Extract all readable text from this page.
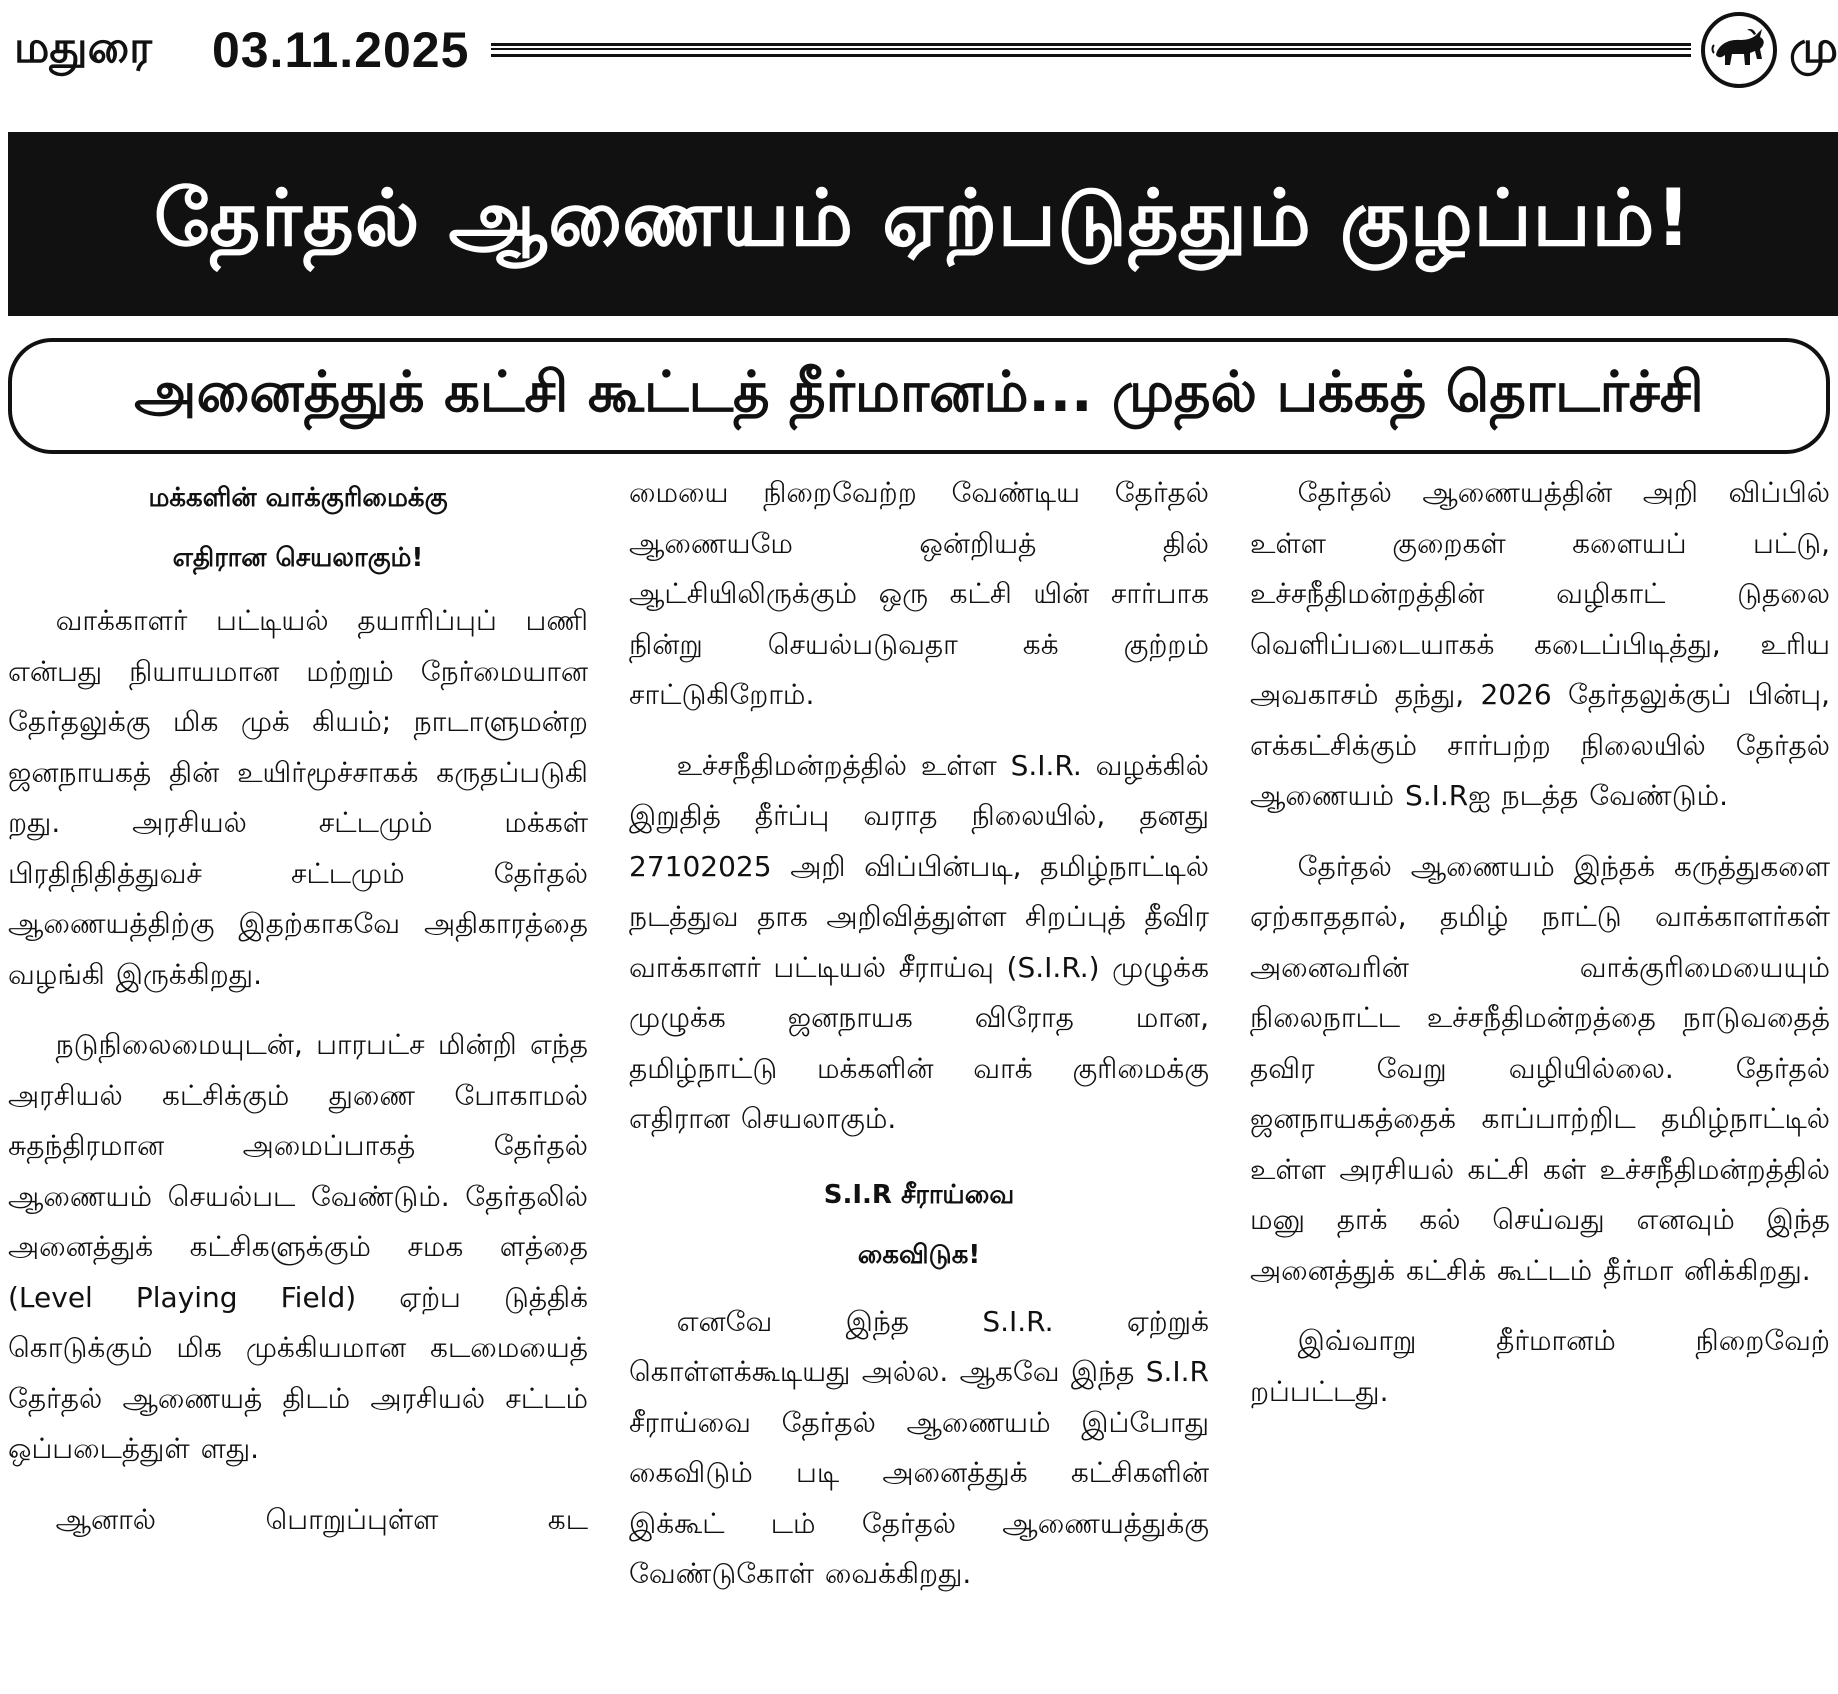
மதுரை 03.11.2025	மு
தேர்தல் ஆணையம் ஏற்படுத்தும் குழப்பம்!
அனைத்துக் கட்சி கூட்டத் தீர்மானம்... முதல் பக்கத் தொடர்ச்சி
மக்களின் வாக்குரிமைக்கு
எதிரான செயலாகும்!

வாக்காளர் பட்டியல் தயாரிப்புப் பணி என்பது நியாயமான மற்றும் நேர்மையான தேர்தலுக்கு மிக முக் கியம்; நாடாளுமன்ற ஜனநாயகத் தின் உயிர்மூச்சாகக் கருதப்படுகி றது. அரசியல் சட்டமும் மக்கள் பிரதிநிதித்துவச் சட்டமும் தேர்தல் ஆணையத்திற்கு இதற்காகவே அதிகாரத்தை வழங்கி இருக்கிறது.

நடுநிலைமையுடன், பாரபட்ச மின்றி எந்த அரசியல் கட்சிக்கும் துணை போகாமல் சுதந்திரமான அமைப்பாகத் தேர்தல் ஆணையம் செயல்பட வேண்டும். தேர்தலில் அனைத்துக் கட்சிகளுக்கும் சமக ளத்தை (Level Playing Field) ஏற்ப டுத்திக் கொடுக்கும் மிக முக்கியமான கடமையைத் தேர்தல் ஆணையத் திடம் அரசியல் சட்டம் ஒப்படைத்துள் ளது.

ஆனால் பொறுப்புள்ள கட

மையை நிறைவேற்ற வேண்டிய தேர்தல் ஆணையமே ஒன்றியத் தில் ஆட்சியிலிருக்கும் ஒரு கட்சி யின் சார்பாக நின்று செயல்படுவதா கக் குற்றம் சாட்டுகிறோம்.

உச்சநீதிமன்றத்தில் உள்ள S.I.R. வழக்கில் இறுதித் தீர்ப்பு வராத நிலையில், தனது 27102025 அறி விப்பின்படி, தமிழ்நாட்டில் நடத்துவ தாக அறிவித்துள்ள சிறப்புத் தீவிர வாக்காளர் பட்டியல் சீராய்வு (S.I.R.) முழுக்க முழுக்க ஜனநாயக விரோத மான, தமிழ்நாட்டு மக்களின் வாக் குரிமைக்கு எதிரான செயலாகும்.

S.I.R சீராய்வை
கைவிடுக!

எனவே இந்த S.I.R. ஏற்றுக் கொள்ளக்கூடியது அல்ல. ஆகவே இந்த S.I.R சீராய்வை தேர்தல் ஆணையம் இப்போது கைவிடும் படி அனைத்துக் கட்சிகளின் இக்கூட் டம் தேர்தல் ஆணையத்துக்கு வேண்டுகோள் வைக்கிறது.

தேர்தல் ஆணையத்தின் அறி விப்பில் உள்ள குறைகள் களையப் பட்டு, உச்சநீதிமன்றத்தின் வழிகாட் டுதலை வெளிப்படையாகக் கடைப்பிடித்து, உரிய அவகாசம் தந்து, 2026 தேர்தலுக்குப் பின்பு, எக்கட்சிக்கும் சார்பற்ற நிலையில் தேர்தல் ஆணையம் S.I.Rஐ நடத்த வேண்டும்.

தேர்தல் ஆணையம் இந்தக் கருத்துகளை ஏற்காததால், தமிழ் நாட்டு வாக்காளர்கள் அனைவரின் வாக்குரிமையையும் நிலைநாட்ட உச்சநீதிமன்றத்தை நாடுவதைத் தவிர வேறு வழியில்லை. தேர்தல் ஜனநாயகத்தைக் காப்பாற்றிட தமிழ்நாட்டில் உள்ள அரசியல் கட்சி கள் உச்சநீதிமன்றத்தில் மனு தாக் கல் செய்வது எனவும் இந்த அனைத்துக் கட்சிக் கூட்டம் தீர்மா னிக்கிறது.

இவ்வாறு தீர்மானம் நிறைவேற் றப்பட்டது.
